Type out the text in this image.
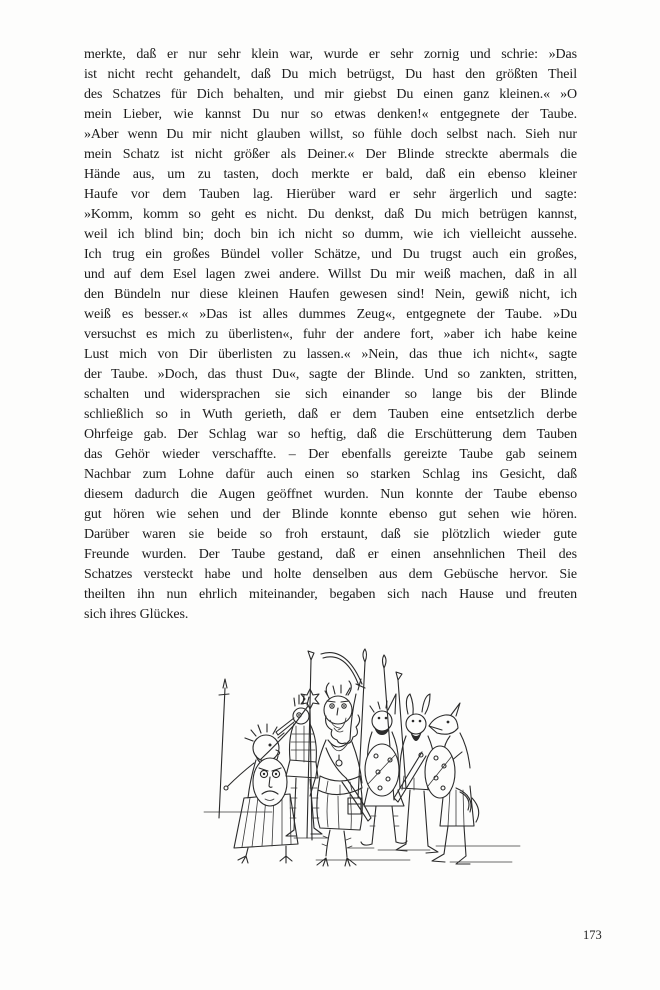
merkte, daß er nur sehr klein war, wurde er sehr zornig und schrie: »Das
ist nicht recht gehandelt, daß Du mich betrügst, Du hast den größten Theil
des Schatzes für Dich behalten, und mir giebst Du einen ganz kleinen.« »O
mein Lieber, wie kannst Du nur so etwas denken!« entgegnete der Taube.
»Aber wenn Du mir nicht glauben willst, so fühle doch selbst nach. Sieh nur
mein Schatz ist nicht größer als Deiner.« Der Blinde streckte abermals die
Hände aus, um zu tasten, doch merkte er bald, daß ein ebenso kleiner
Haufe vor dem Tauben lag. Hierüber ward er sehr ärgerlich und sagte:
»Komm, komm so geht es nicht. Du denkst, daß Du mich betrügen kannst,
weil ich blind bin; doch bin ich nicht so dumm, wie ich vielleicht aussehe.
Ich trug ein großes Bündel voller Schätze, und Du trugst auch ein großes,
und auf dem Esel lagen zwei andere. Willst Du mir weiß machen, daß in all
den Bündeln nur diese kleinen Haufen gewesen sind! Nein, gewiß nicht, ich
weiß es besser.« »Das ist alles dummes Zeug«, entgegnete der Taube. »Du
versuchst es mich zu überlisten«, fuhr der andere fort, »aber ich habe keine
Lust mich von Dir überlisten zu lassen.« »Nein, das thue ich nicht«, sagte
der Taube. »Doch, das thust Du«, sagte der Blinde. Und so zankten, stritten,
schalten und widersprachen sie sich einander so lange bis der Blinde
schließlich so in Wuth gerieth, daß er dem Tauben eine entsetzlich derbe
Ohrfeige gab. Der Schlag war so heftig, daß die Erschütterung dem Tauben
das Gehör wieder verschaffte. – Der ebenfalls gereizte Taube gab seinem
Nachbar zum Lohne dafür auch einen so starken Schlag ins Gesicht, daß
diesem dadurch die Augen geöffnet wurden. Nun konnte der Taube ebenso
gut hören wie sehen und der Blinde konnte ebenso gut sehen wie hören.
Darüber waren sie beide so froh erstaunt, daß sie plötzlich wieder gute
Freunde wurden. Der Taube gestand, daß er einen ansehnlichen Theil des
Schatzes versteckt habe und holte denselben aus dem Gebüsche hervor. Sie
theilten ihn nun ehrlich miteinander, begaben sich nach Hause und freuten
sich ihres Glückes.
173
